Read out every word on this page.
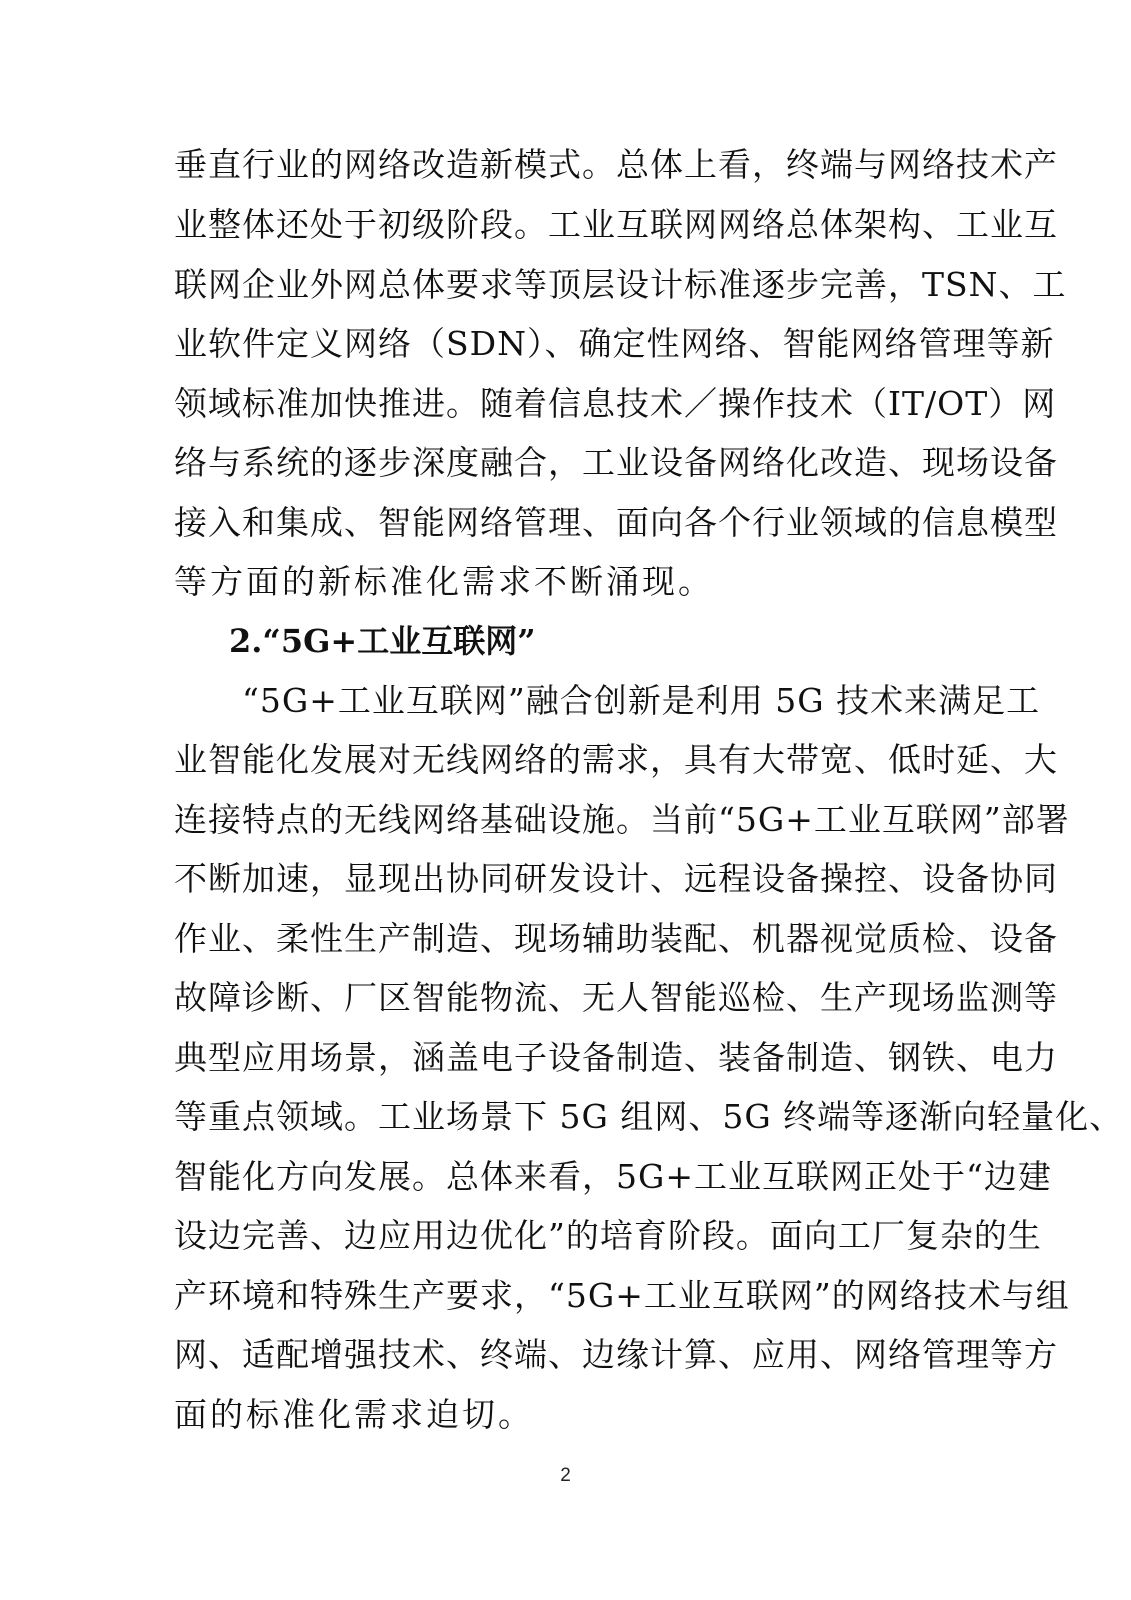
垂直行业的网络改造新模式。总体上看，终端与网络技术产
业整体还处于初级阶段。工业互联网网络总体架构、工业互
联网企业外网总体要求等顶层设计标准逐步完善，TSN、工
业软件定义网络（SDN）、确定性网络、智能网络管理等新
领域标准加快推进。随着信息技术／操作技术（IT/OT）网
络与系统的逐步深度融合，工业设备网络化改造、现场设备
接入和集成、智能网络管理、面向各个行业领域的信息模型
等方面的新标准化需求不断涌现。
2.“5G+工业互联网”
“5G+工业互联网”融合创新是利用 5G 技术来满足工
业智能化发展对无线网络的需求，具有大带宽、低时延、大
连接特点的无线网络基础设施。当前“5G+工业互联网”部署
不断加速，显现出协同研发设计、远程设备操控、设备协同
作业、柔性生产制造、现场辅助装配、机器视觉质检、设备
故障诊断、厂区智能物流、无人智能巡检、生产现场监测等
典型应用场景，涵盖电子设备制造、装备制造、钢铁、电力
等重点领域。工业场景下 5G 组网、5G 终端等逐渐向轻量化、
智能化方向发展。总体来看，5G+工业互联网正处于“边建
设边完善、边应用边优化”的培育阶段。面向工厂复杂的生
产环境和特殊生产要求，“5G+工业互联网”的网络技术与组
网、适配增强技术、终端、边缘计算、应用、网络管理等方
面的标准化需求迫切。
2
